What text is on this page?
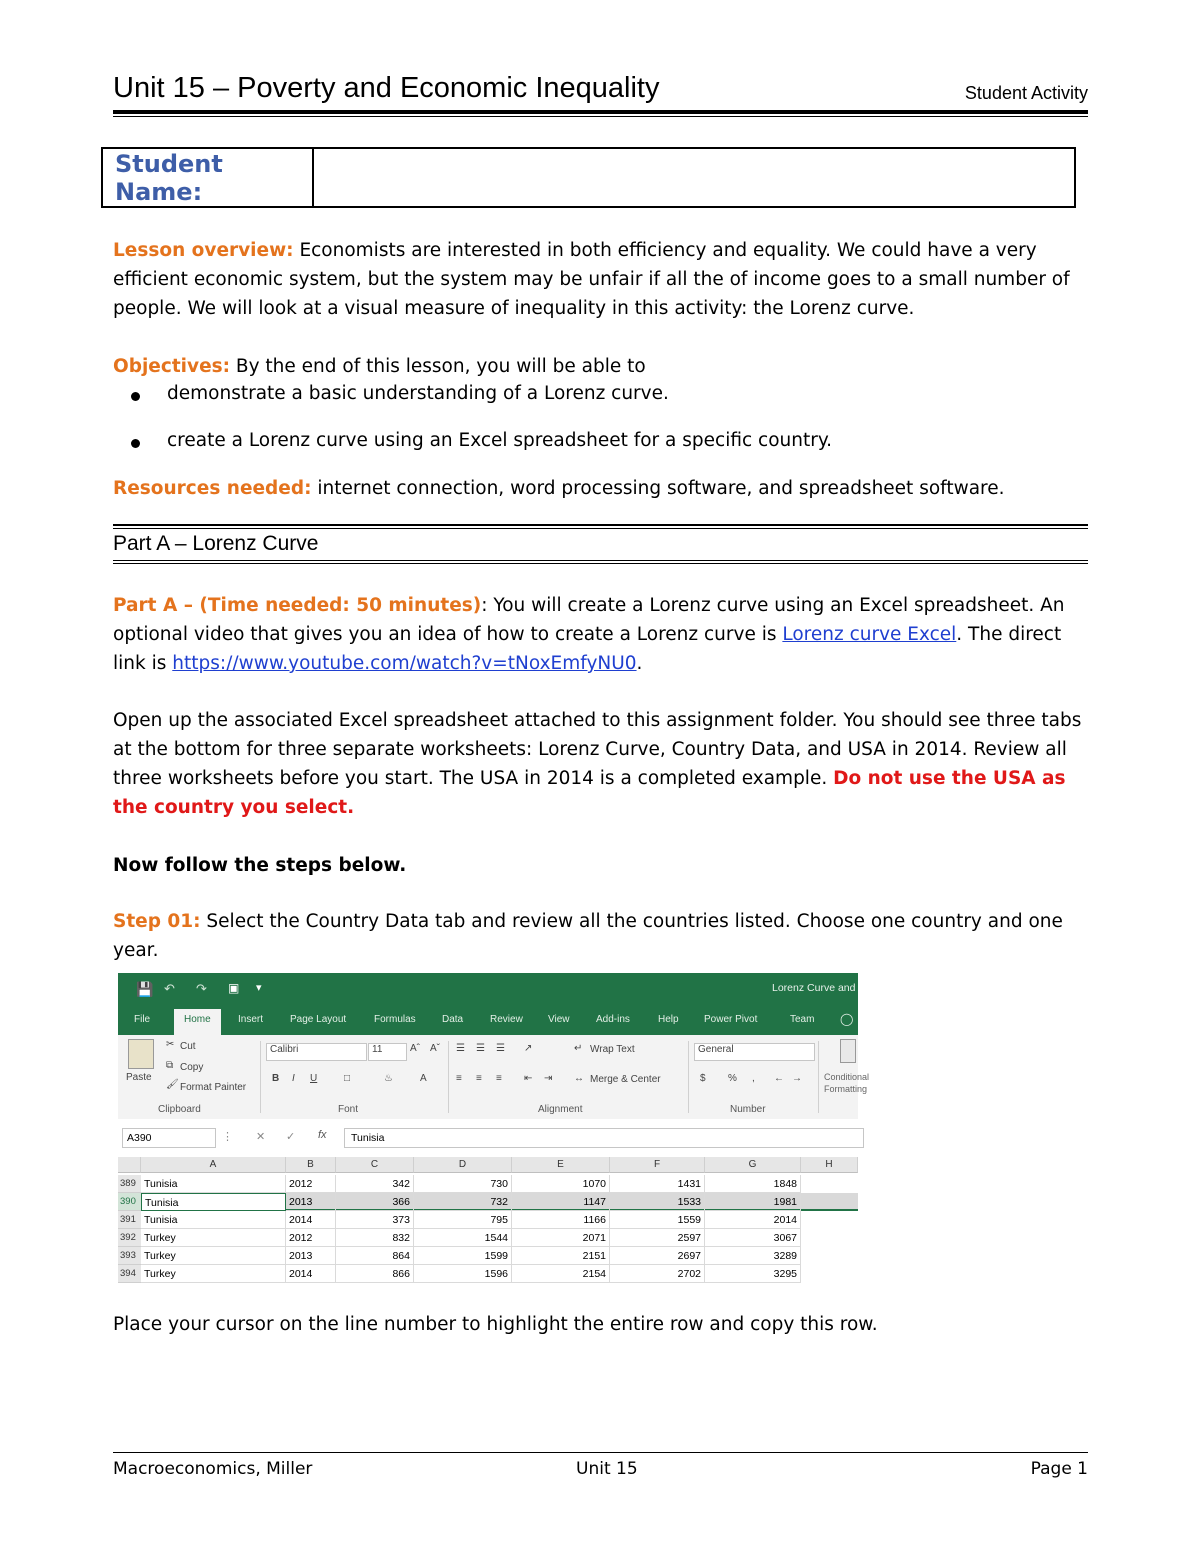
Unit 15 – Poverty and Economic Inequality	Student Activity
Student Name:
Lesson overview: Economists are interested in both efficiency and equality. We could have a very efficient economic system, but the system may be unfair if all the of income goes to a small number of people. We will look at a visual measure of inequality in this activity: the Lorenz curve.
Objectives: By the end of this lesson, you will be able to
demonstrate a basic understanding of a Lorenz curve.
create a Lorenz curve using an Excel spreadsheet for a specific country.
Resources needed: internet connection, word processing software, and spreadsheet software.
Part A – Lorenz Curve
Part A – (Time needed: 50 minutes): You will create a Lorenz curve using an Excel spreadsheet. An optional video that gives you an idea of how to create a Lorenz curve is Lorenz curve Excel. The direct link is https://www.youtube.com/watch?v=tNoxEmfyNU0.
Open up the associated Excel spreadsheet attached to this assignment folder. You should see three tabs at the bottom for three separate worksheets: Lorenz Curve, Country Data, and USA in 2014. Review all three worksheets before you start. The USA in 2014 is a completed example. Do not use the USA as the country you select.
Now follow the steps below.
Step 01: Select the Country Data tab and review all the countries listed. Choose one country and one year.
💾 ↶ ↷ ▣ ▾	Lorenz Curve and
File	Home	Insert	Page Layout	Formulas	Data	Review	View	Add-ins	Help	Power Pivot	Team ◯
Paste
✂ Cut
⧉ Copy
🖌 Format Painter
Clipboard
Calibri	11	Aˆ Aˇ
B I U	□	♨	A
Font
☰ ☰ ☰ ↗	↵ Wrap Text
≡ ≡ ≡ ⇤ ⇥ ↔ Merge & Center
Alignment
General
$ % , ← →
Number
Conditional Formatting
A390	⋮ ✕ ✓ fx	Tunisia
A	B	C	D	E	F	G	H
389 Tunisia	2012	342	730	1070	1431	1848
390 Tunisia	2013	366	732	1147	1533	1981
391 Tunisia	2014	373	795	1166	1559	2014
392 Turkey	2012	832	1544	2071	2597	3067
393 Turkey	2013	864	1599	2151	2697	3289
394 Turkey	2014	866	1596	2154	2702	3295
Place your cursor on the line number to highlight the entire row and copy this row.
Macroeconomics, Miller	Unit 15	Page 1
